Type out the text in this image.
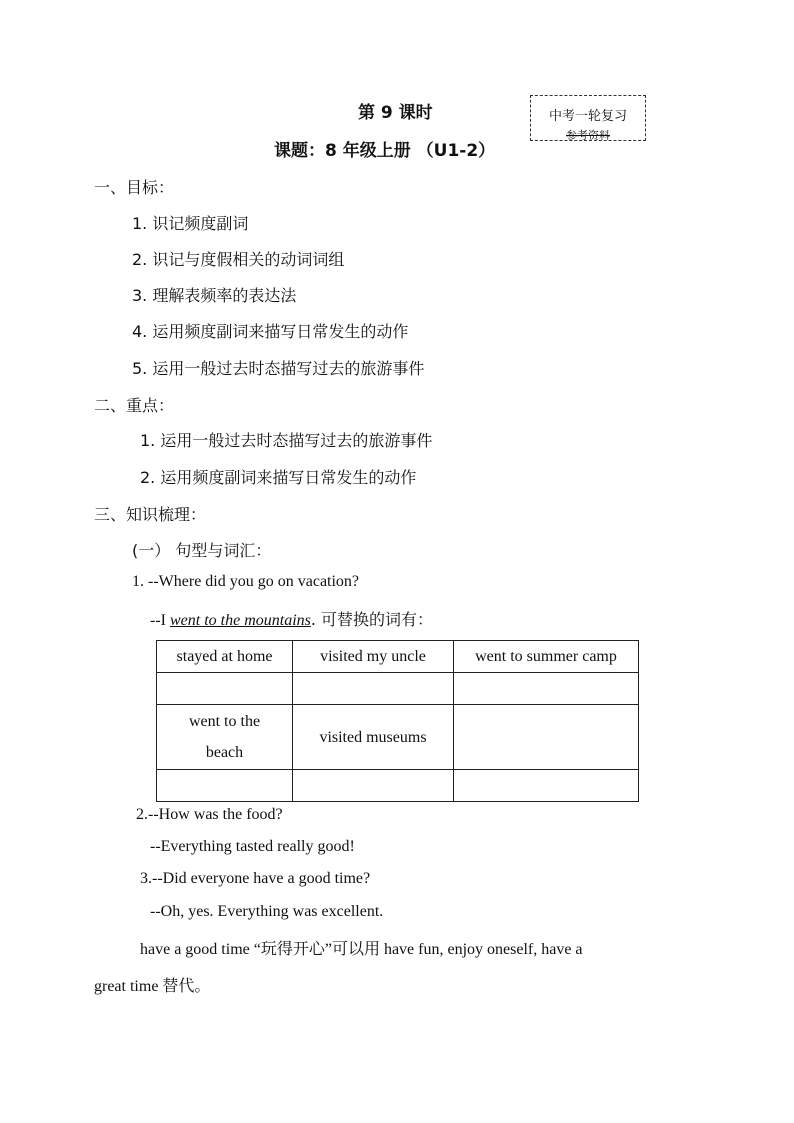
第 9 课时
课题：8 年级上册 （U1-2）
中考一轮复习
参考资料
一、目标：
1. 识记频度副词
2. 识记与度假相关的动词词组
3. 理解表频率的表达法
4. 运用频度副词来描写日常发生的动作
5. 运用一般过去时态描写过去的旅游事件
二、重点：
1. 运用一般过去时态描写过去的旅游事件
2. 运用频度副词来描写日常发生的动作
三、知识梳理：
(一） 句型与词汇：
1. --Where did you go on vacation?
--I went to the mountains. 可替换的词有：
stayed at home	visited my uncle	went to summer camp

went to the
beach	visited museums	

2.--How was the food?
--Everything tasted really good!
3.--Did everyone have a good time?
--Oh, yes. Everything was excellent.
have a good time “玩得开心”可以用 have fun, enjoy oneself, have a
great time 替代。
